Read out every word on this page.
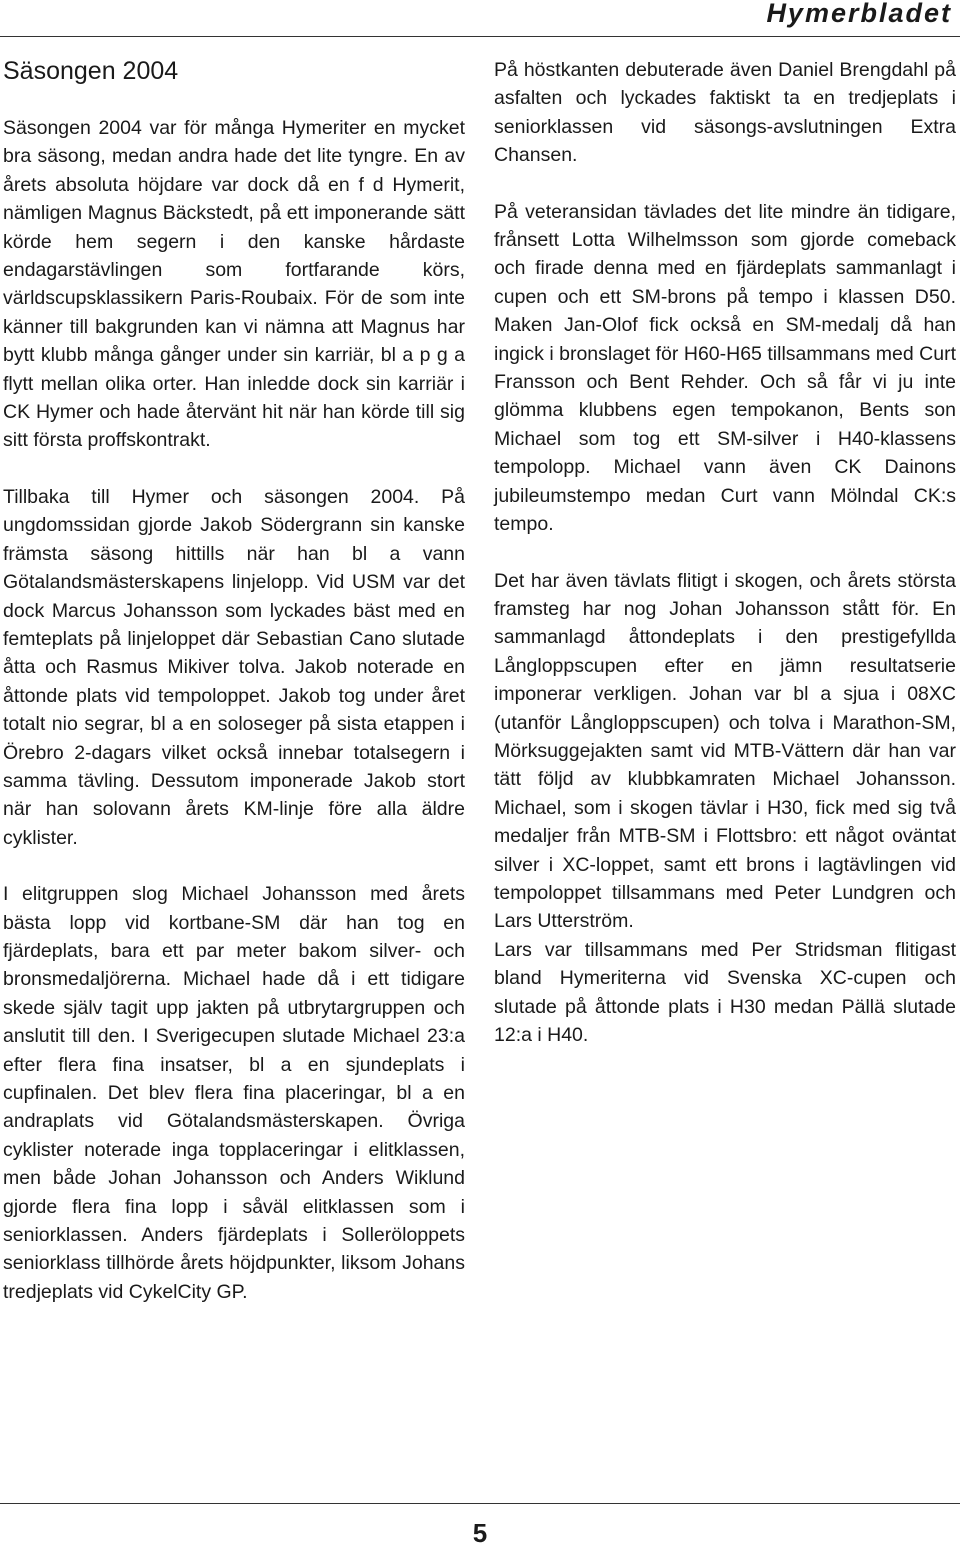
Hymerbladet
Säsongen 2004

Säsongen 2004 var för många Hymeriter en mycket bra säsong, medan andra hade det lite tyngre. En av årets absoluta höjdare var dock då en f d Hymerit, nämligen Magnus Bäckstedt, på ett imponerande sätt körde hem segern i den kanske hårdaste endagarstävlingen som fortfarande körs, världscupsklassikern Paris-Roubaix. För de som inte känner till bakgrunden kan vi nämna att Magnus har bytt klubb många gånger under sin karriär, bl a p g a flytt mellan olika orter. Han inledde dock sin karriär i CK Hymer och hade återvänt hit när han körde till sig sitt första proffskontrakt.

Tillbaka till Hymer och säsongen 2004. På ungdomssidan gjorde Jakob Södergrann sin kanske främsta säsong hittills när han bl a vann Götalandsmästerskapens linjelopp. Vid USM var det dock Marcus Johansson som lyckades bäst med en femteplats på linjeloppet där Sebastian Cano slutade åtta och Rasmus Mikiver tolva. Jakob noterade en åttonde plats vid tempoloppet. Jakob tog under året totalt nio segrar, bl a en soloseger på sista etappen i Örebro 2-dagars vilket också innebar totalsegern i samma tävling. Dessutom imponerade Jakob stort när han solovann årets KM-linje före alla äldre cyklister.

I elitgruppen slog Michael Johansson med årets bästa lopp vid kortbane-SM där han tog en fjärdeplats, bara ett par meter bakom silver- och bronsmedaljörerna. Michael hade då i ett tidigare skede själv tagit upp jakten på utbrytargruppen och anslutit till den. I Sverigecupen slutade Michael 23:a efter flera fina insatser, bl a en sjundeplats i cupfinalen. Det blev flera fina placeringar, bl a en andraplats vid Götalandsmästerskapen. Övriga cyklister noterade inga topplaceringar i elitklassen, men både Johan Johansson och Anders Wiklund gjorde flera fina lopp i såväl elitklassen som i seniorklassen. Anders fjärdeplats i Solleröloppets seniorklass tillhörde årets höjdpunkter, liksom Johans tredjeplats vid CykelCity GP.

På höstkanten debuterade även Daniel Brengdahl på asfalten och lyckades faktiskt ta en tredjeplats i seniorklassen vid säsongs-avslutningen Extra Chansen.

På veteransidan tävlades det lite mindre än tidigare, frånsett Lotta Wilhelmsson som gjorde comeback och firade denna med en fjärdeplats sammanlagt i cupen och ett SM-brons på tempo i klassen D50. Maken Jan-Olof fick också en SM-medalj då han ingick i bronslaget för H60-H65 tillsammans med Curt Fransson och Bent Rehder. Och så får vi ju inte glömma klubbens egen tempokanon, Bents son Michael som tog ett SM-silver i H40-klassens tempolopp. Michael vann även CK Dainons jubileumstempo medan Curt vann Mölndal CK:s tempo.

Det har även tävlats flitigt i skogen, och årets största framsteg har nog Johan Johansson stått för. En sammanlagd åttondeplats i den prestigefyllda Långloppscupen efter en jämn resultatserie imponerar verkligen. Johan var bl a sjua i 08XC (utanför Långloppscupen) och tolva i Marathon-SM, Mörksuggejakten samt vid MTB-Vättern där han var tätt följd av klubbkamraten Michael Johansson. Michael, som i skogen tävlar i H30, fick med sig två medaljer från MTB-SM i Flottsbro: ett något oväntat silver i XC-loppet, samt ett brons i lagtävlingen vid tempoloppet tillsammans med Peter Lundgren och Lars Utterström.

Lars var tillsammans med Per Stridsman flitigast bland Hymeriterna vid Svenska XC-cupen och slutade på åttonde plats i H30 medan Pällä slutade 12:a i H40.

5
